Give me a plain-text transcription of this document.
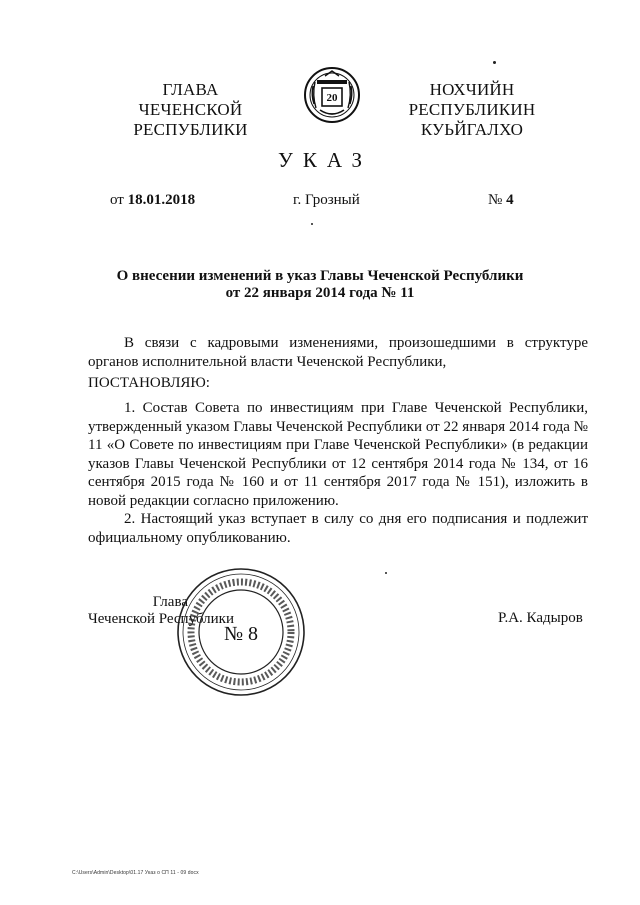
ГЛАВА
ЧЕЧЕНСКОЙ РЕСПУБЛИКИ
20	НОХЧИЙН РЕСПУБЛИКИН
КУЬЙГАЛХО
УКАЗ
от 18.01.2018	г. Грозный	№ 4
О внесении изменений в указ Главы Чеченской Республики
от 22 января 2014 года № 11

В связи с кадровыми изменениями, произошедшими в структуре органов исполнительной власти Чеченской Республики,

ПОСТАНОВЛЯЮ:

1. Состав Совета по инвестициям при Главе Чеченской Республики, утвержденный указом Главы Чеченской Республики от 22 января 2014 года № 11 «О Совете по инвестициям при Главе Чеченской Республики» (в редакции указов Главы Чеченской Республики от 12 сентября 2014 года № 134, от 16 сентября 2015 года № 160 и от 11 сентября 2017 года № 151), изложить в новой редакции согласно приложению.

2. Настоящий указ вступает в силу со дня его подписания и подлежит официальному опубликованию.

Глава
Чеченской Республики
№ 8
Р.А. Кадыров
С:\Users\Admin\Desktop\01.17 Указ о СП 11 - 09 docx
